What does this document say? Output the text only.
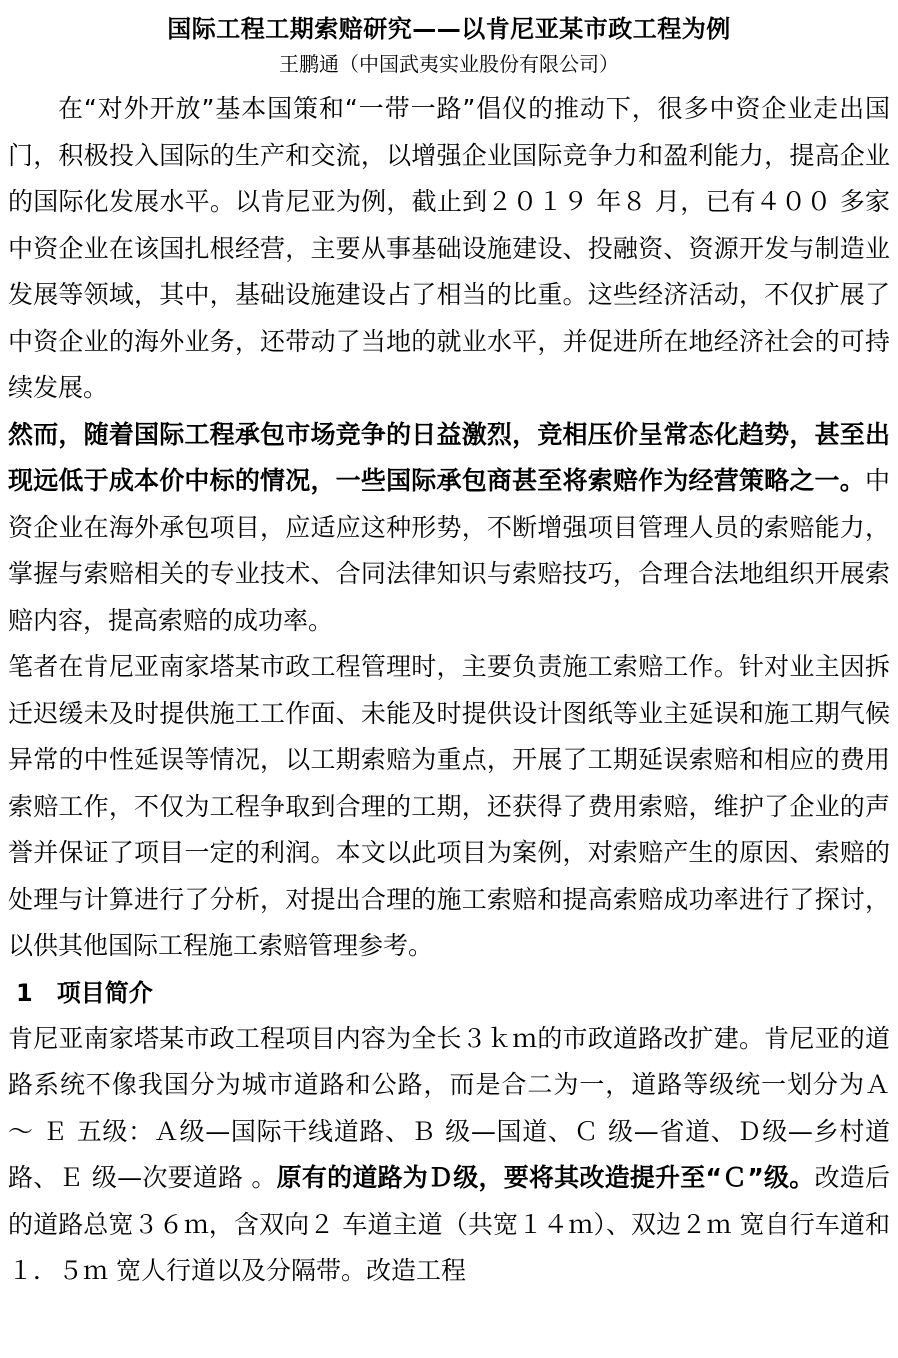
国际工程工期索赔研究——以肯尼亚某市政工程为例

王鹏通（中国武夷实业股份有限公司）

在“对外开放”基本国策和“一带一路”倡仪的推动下，很多中资企业走出国门，积极投入国际的生产和交流，以增强企业国际竞争力和盈利能力，提高企业的国际化发展水平。以肯尼亚为例，截止到２０１９ 年８ 月，已有４００ 多家中资企业在该国扎根经营，主要从事基础设施建设、投融资、资源开发与制造业发展等领域，其中，基础设施建设占了相当的比重。这些经济活动，不仅扩展了中资企业的海外业务，还带动了当地的就业水平，并促进所在地经济社会的可持续发展。

然而，随着国际工程承包市场竞争的日益激烈，竞相压价呈常态化趋势，甚至出现远低于成本价中标的情况，一些国际承包商甚至将索赔作为经营策略之一。中资企业在海外承包项目，应适应这种形势，不断增强项目管理人员的索赔能力，掌握与索赔相关的专业技术、合同法律知识与索赔技巧，合理合法地组织开展索赔内容，提高索赔的成功率。

笔者在肯尼亚南家塔某市政工程管理时，主要负责施工索赔工作。针对业主因拆迁迟缓未及时提供施工工作面、未能及时提供设计图纸等业主延误和施工期气候异常的中性延误等情况，以工期索赔为重点，开展了工期延误索赔和相应的费用索赔工作，不仅为工程争取到合理的工期，还获得了费用索赔，维护了企业的声誉并保证了项目一定的利润。本文以此项目为案例，对索赔产生的原因、索赔的处理与计算进行了分析，对提出合理的施工索赔和提高索赔成功率进行了探讨，以供其他国际工程施工索赔管理参考。

1 项目简介

肯尼亚南家塔某市政工程项目内容为全长３ｋｍ的市政道路改扩建。肯尼亚的道路系统不像我国分为城市道路和公路，而是合二为一，道路等级统一划分为Ａ ～ Ｅ 五级：Ａ级—国际干线道路、Ｂ 级—国道、Ｃ 级—省道、Ｄ级—乡村道路、Ｅ 级—次要道路 。原有的道路为Ｄ级，要将其改造提升至“Ｃ”级。改造后的道路总宽３６ｍ，含双向２ 车道主道（共宽１４ｍ）、双边２ｍ 宽自行车道和１．５ｍ 宽人行道以及分隔带。改造工程
